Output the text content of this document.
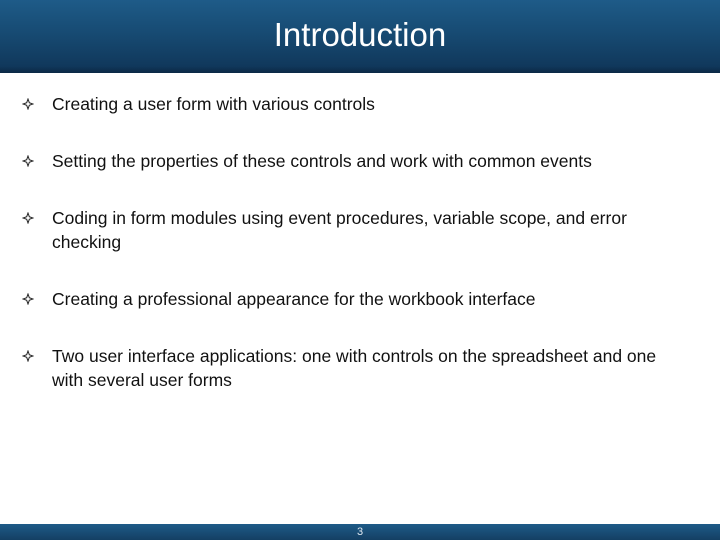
Introduction
Creating a user form with various controls
Setting the properties of these controls and work with common events
Coding in form modules using event procedures, variable scope, and error checking
Creating a professional appearance for the workbook interface
Two user interface applications: one with controls on the spreadsheet and one with several user forms
3
